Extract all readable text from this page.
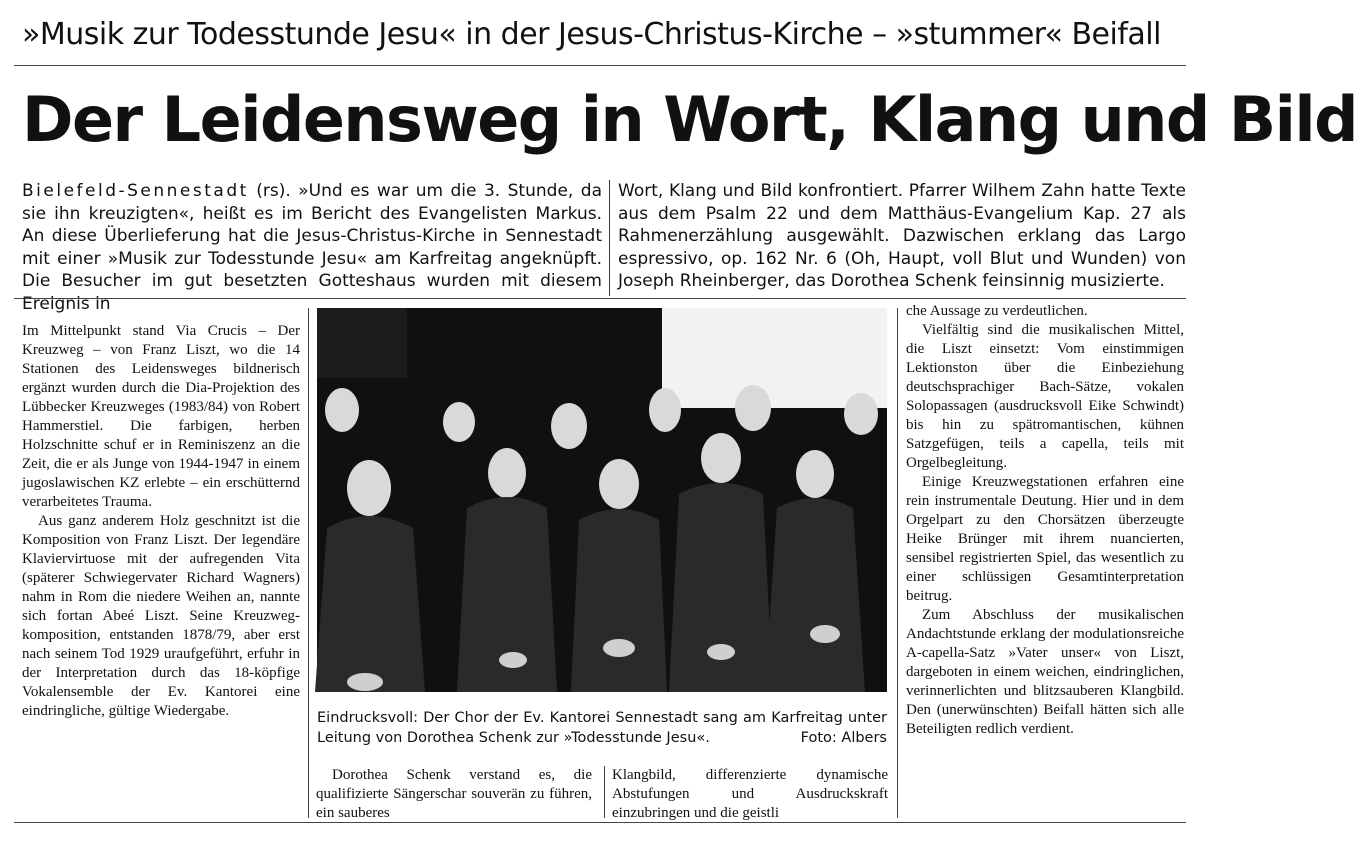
»Musik zur Todesstunde Jesu« in der Jesus-Christus-Kirche – »stummer« Beifall
Der Leidensweg in Wort, Klang und Bild
Bielefeld-Sennestadt (rs). »Und es war um die 3. Stunde, da sie ihn kreuzigten«, heißt es im Bericht des Evangelisten Markus. An diese Überlieferung hat die Jesus-Christus-Kirche in Sennestadt mit einer »Musik zur Todesstunde Jesu« am Karfreitag angeknüpft. Die Besucher im gut besetzten Gotteshaus wurden mit diesem Ereignis in
Wort, Klang und Bild konfrontiert. Pfarrer Wilhem Zahn hatte Texte aus dem Psalm 22 und dem Matthäus-Evangelium Kap. 27 als Rahmenerzählung ausgewählt. Dazwischen erklang das Largo espressivo, op. 162 Nr. 6 (Oh, Haupt, voll Blut und Wunden) von Joseph Rheinberger, das Dorothea Schenk feinsinnig musizierte.

Im Mittelpunkt stand Via Crucis – Der Kreuzweg – von Franz Liszt, wo die 14 Stationen des Leidensweges bildnerisch ergänzt wurden durch die Dia-Projektion des Lübbecker Kreuzweges (1983/84) von Robert Hammerstiel. Die farbigen, herben Holzschnitte schuf er in Reminiszenz an die Zeit, die er als Junge von 1944-1947 in einem jugoslawischen KZ erlebte – ein erschütternd verarbeitetes Trauma.

Aus ganz anderem Holz geschnitzt ist die Komposition von Franz Liszt. Der legendäre Klaviervirtuose mit der aufregenden Vita (späterer Schwiegervater Richard Wagners) nahm in Rom die niedere Weihen an, nannte sich fortan Abeé Liszt. Seine Kreuzwegkomposition, entstanden 1878/79, aber erst nach seinem Tod 1929 uraufgeführt, erfuhr in der Interpretation durch das 18-köpfige Vokalensemble der Ev. Kantorei eine eindringliche, gültige Wiedergabe.	Eindrucksvoll: Der Chor der Ev. Kantorei Sennestadt sang am Karfreitag unter Leitung von Dorothea Schenk zur »Todesstunde Jesu«.	Foto: Albers

Dorothea Schenk verstand es, die qualifizierte Sängerschar souverän zu führen, ein sauberes

Klangbild, differenzierte dynamische Abstufungen und Ausdruckskraft einzubringen und die geistli

che Aussage zu verdeutlichen.

Vielfältig sind die musikalischen Mittel, die Liszt einsetzt: Vom einstimmigen Lektionston über die Einbeziehung deutschsprachiger Bach-Sätze, vokalen Solopassagen (ausdrucksvoll Eike Schwindt) bis hin zu spätromantischen, kühnen Satzgefügen, teils a capella, teils mit Orgelbegleitung.

Einige Kreuzwegstationen erfahren eine rein instrumentale Deutung. Hier und in dem Orgelpart zu den Chorsätzen überzeugte Heike Brünger mit ihrem nuancierten, sensibel registrierten Spiel, das wesentlich zu einer schlüssigen Gesamtinterpretation beitrug.

Zum Abschluss der musikalischen Andachtstunde erklang der modulationsreiche A-capella-Satz »Vater unser« von Liszt, dargeboten in einem weichen, eindringlichen, verinnerlichten und blitzsauberen Klangbild. Den (unerwünschten) Beifall hätten sich alle Beteiligten redlich verdient.
